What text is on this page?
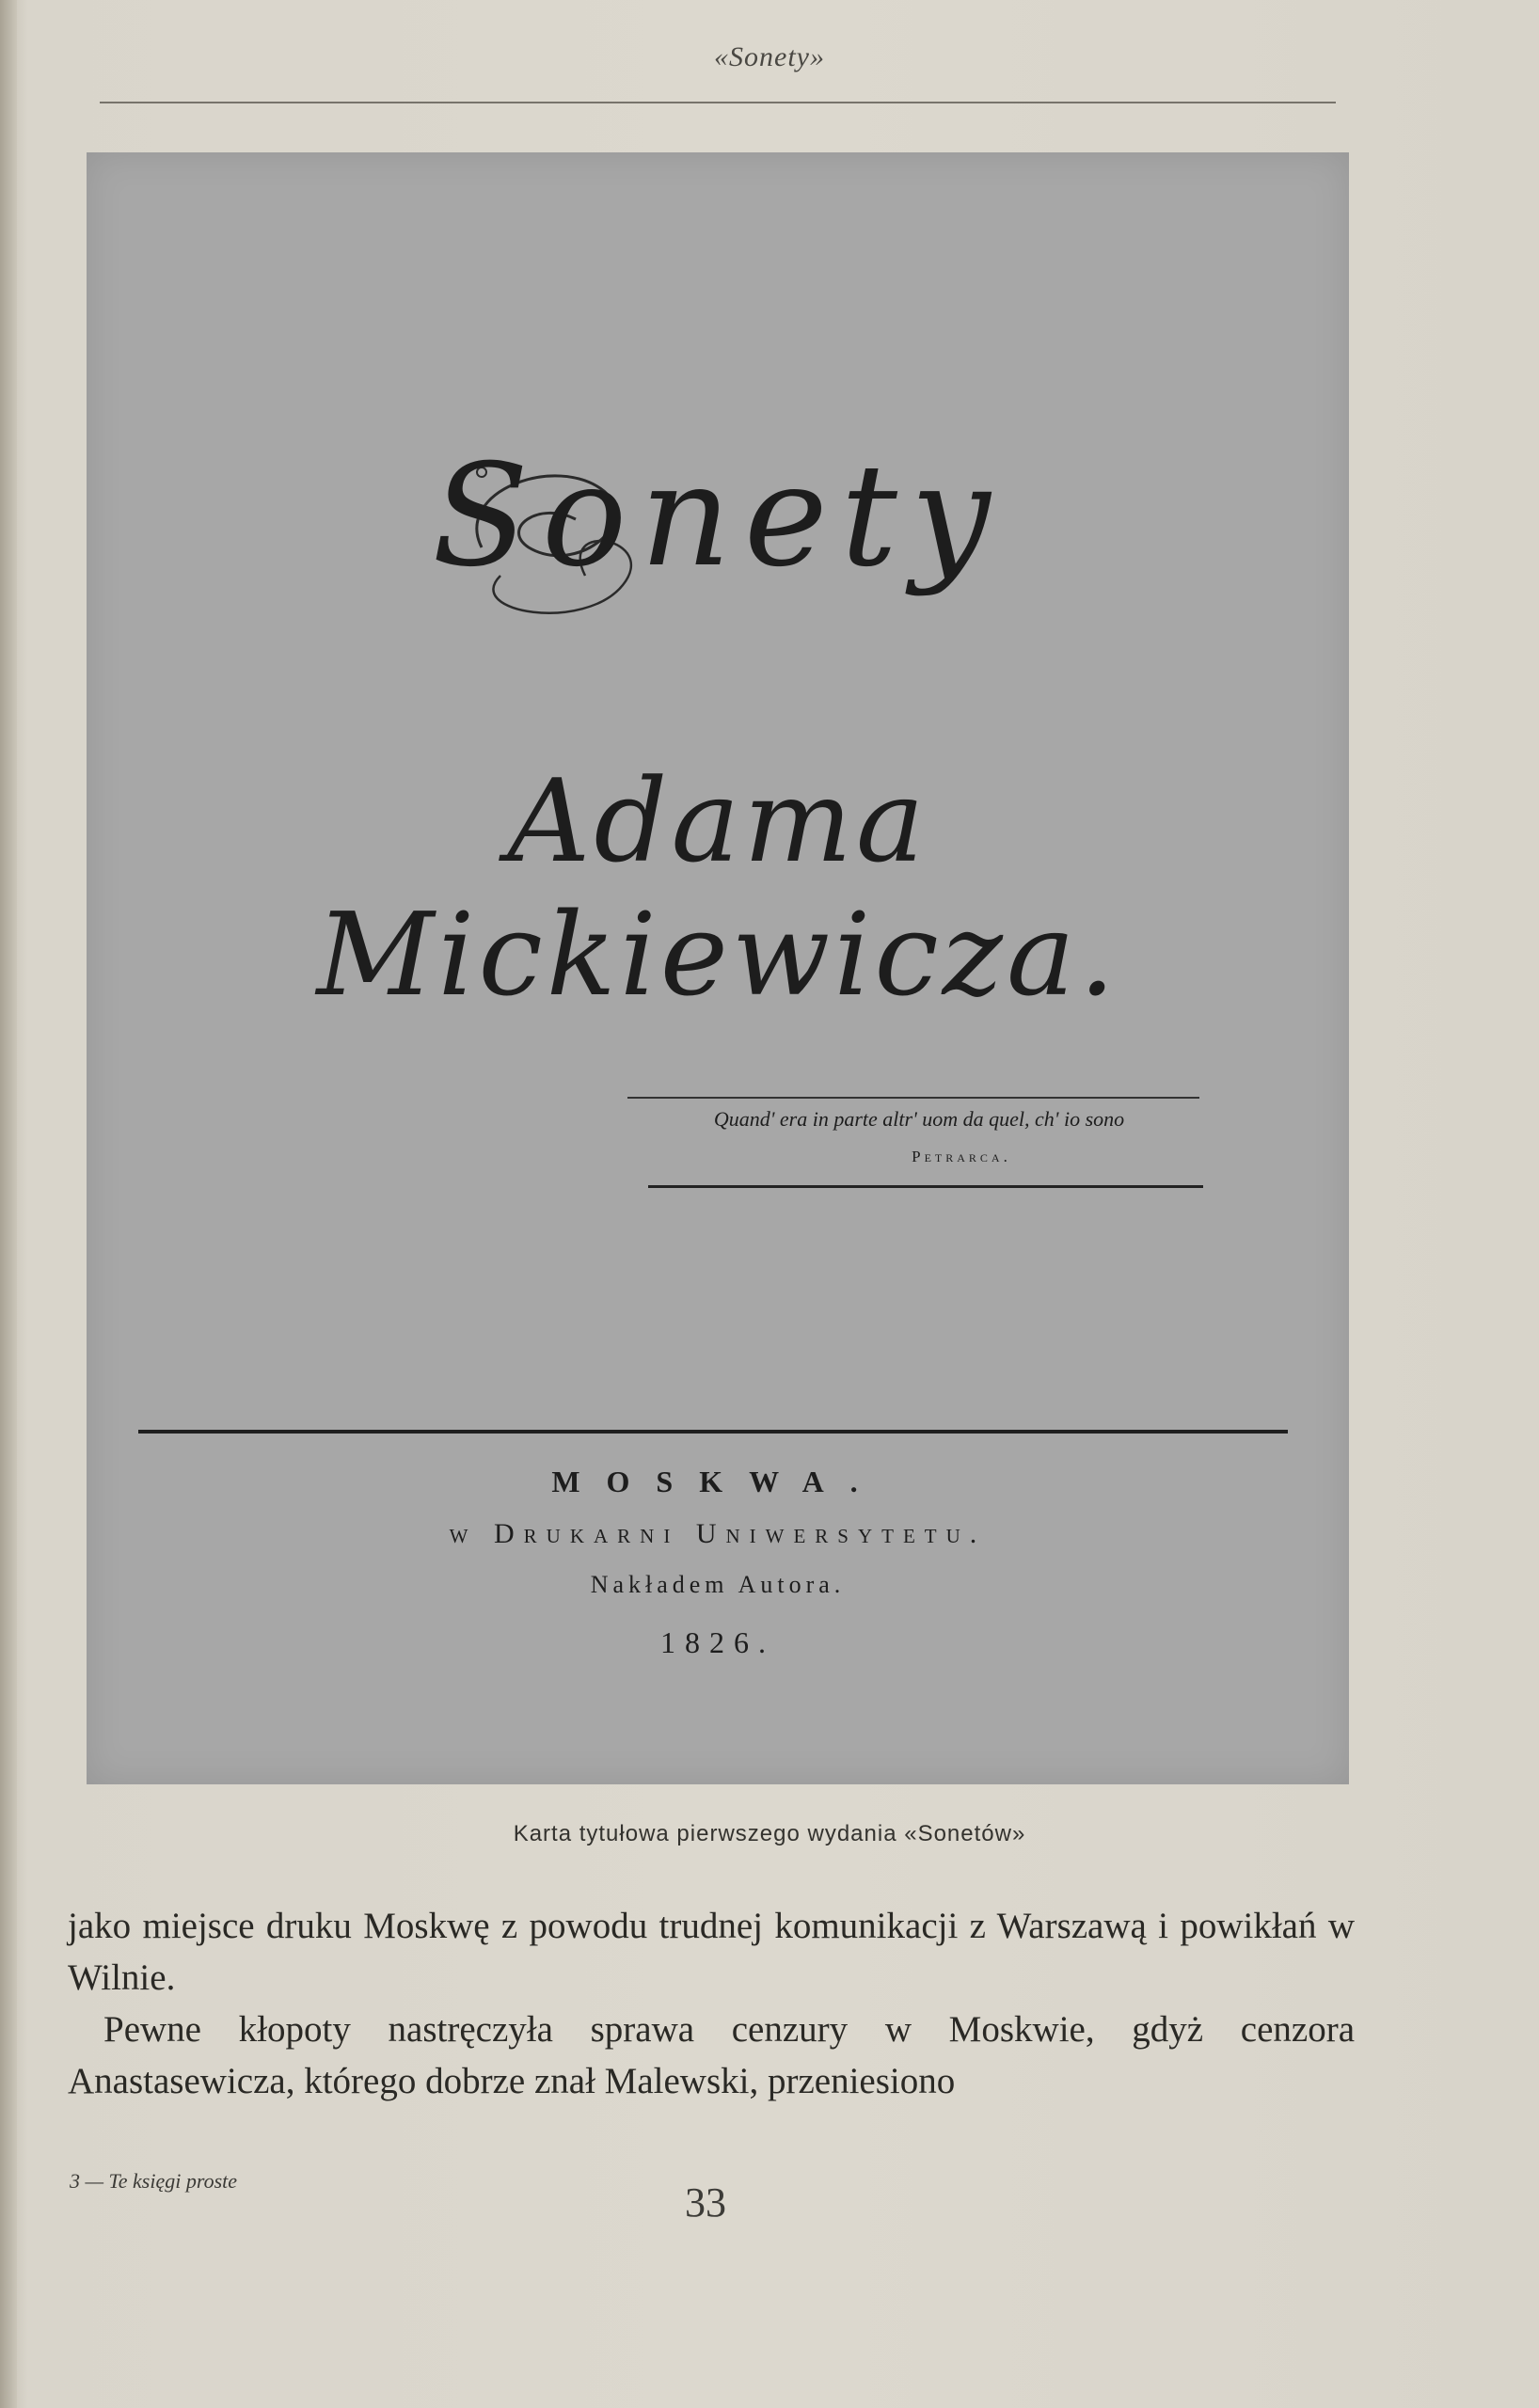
«Sonety»
Sonety
Adama Mickiewicza.
Quand' era in parte altr' uom da quel, ch' io sono
Petrarca.
MOSKWA.
w Drukarni Uniwersytetu.
Nakładem Autora.
1826.
Karta tytułowa pierwszego wydania «Sonetów»

jako miejsce druku Moskwę z powodu trudnej komunikacji z Warszawą i powikłań w Wilnie.

Pewne kłopoty nastręczyła sprawa cenzury w Moskwie, gdyż cenzora Anastasewicza, którego dobrze znał Malewski, przeniesiono

3 — Te księgi proste	33
